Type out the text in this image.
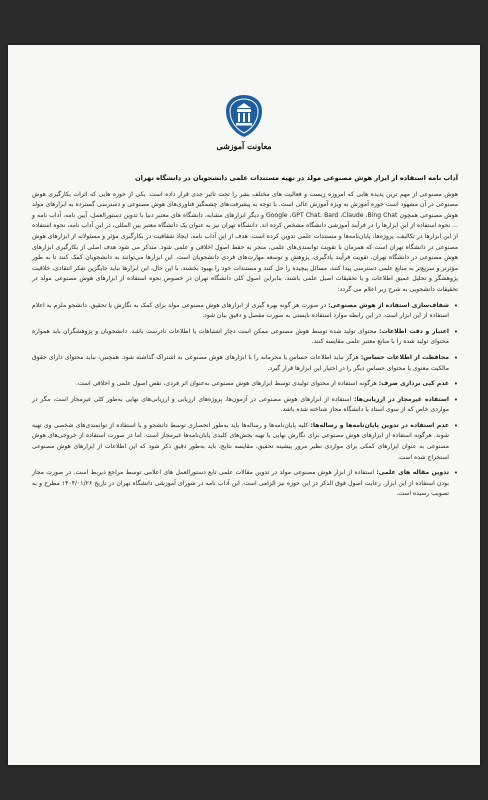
معاونت آموزشی
آداب نامه استفاده از ابزار هوش مصنوعی مولد در تهیه مستندات علمی دانشجویان در دانشگاه تهران

هوش مصنوعی از مهم ترین پدیده هایی که امروزه زیست و فعالیت های مختلف بشر را تحت تاثیر جدی قرار داده است. یکی از حوزه هایی که اثرات بکارگیری هوش مصنوعی در آن مشهود است حوزه آموزش به ویژه آموزش عالی است. با توجه به پیشرفت‌های چشمگیر فناوری‌های هوش مصنوعی و دسترسی گسترده به ابزارهای مولد هوش مصنوعی همچون Google ،GPT Chat، Bard ،Claude ،Bing Chat و دیگر ابزارهای مشابه، دانشگاه های معتبر دنیا با تدوین دستورالعمل، آیین نامه، آداب نامه و ... نحوه استفاده از این ابزارها را در فرآیند آموزشی دانشگاه مشخص کرده اند. دانشگاه تهران نیز به عنوان یک دانشگاه معتبر بین المللی، در این آداب نامه، نحوه استفاده از این ابزارها در تکالیف، پروژه‌ها، پایان‌نامه‌ها و مستندات علمی تدوین کرده است. هدف از این آداب نامه، ایجاد شفافیت در بکارگیری مؤثر و مسئولانه از ابزارهای هوش مصنوعی در دانشگاه تهران است که همزمان با تقویت توانمندی‌های علمی، منجر به حفظ اصول اخلاقی و علمی شود. متذکر می شود هدف اصلی از بکارگیری ابزارهای هوش مصنوعی در دانشگاه تهران، تقویت فرآیند یادگیری، پژوهش و توسعه مهارت‌های فردی دانشجویان است. این ابزارها می‌توانند به دانشجویان کمک کنند تا به طور مؤثرتر و سریع‌تر به منابع علمی دسترسی پیدا کنند، مسائل پیچیده را حل کنند و مستندات خود را بهبود بخشند. با این حال، این ابزارها نباید جایگزین تفکر انتقادی، خلاقیت پژوهشگر و تحلیل عمیق اطلاعات و یا تحقیقات اصیل علمی باشند. بنابراین اصول کلی دانشگاه تهران در خصوص نحوه استفاده از ابزارهای هوش مصنوعی مولد در تحقیقات دانشجویی به شرح زیر اعلام می گردد:

•
شفاف‌سازی استفاده از هوش مصنوعی: در صورت هر گونه بهره گیری از ابزارهای هوش مصنوعی مولد برای کمک به نگارش یا تحقیق، دانشجو ملزم به اعلام استفاده از این ابزار است. در این رابطه موارد استفاده بایستی به صورت مفصل و دقیق بیان شود.
•
اعتبار و دقت اطلاعات: محتوای تولید شده توسط هوش مصنوعی ممکن است دچار اشتباهات یا اطلاعات نادرست باشد. دانشجویان و پژوهشگران باید همواره محتوای تولید شده را با منابع معتبر علمی مقایسه کنند.
•
محافظت از اطلاعات حساس: هرگز نباید اطلاعات حساس یا محرمانه را با ابزارهای هوش مصنوعی به اشتراک گذاشته شود. همچنین، نباید محتوای دارای حقوق مالکیت معنوی یا محتوای حساس دیگر را در اختیار این ابزارها قرار گیرد.
•
عدم کپی برداری صرف: هرگونه استفاده از محتوای تولیدی توسط ابزارهای هوش مصنوعی به‌عنوان اثر فردی، نقض اصول علمی و اخلاقی است.
•
استفاده غیرمجاز در ارزیابی‌ها: استفاده از ابزارهای هوش مصنوعی در آزمون‌ها، پروژه‌های ارزیابی و ارزیابی‌های نهایی به‌طور کلی غیرمجاز است، مگر در مواردی خاص که از سوی استاد یا دانشگاه مجاز شناخته شده باشد.
•
عدم استفاده در تدوین پایان‌نامه‌ها و رساله‌ها: کلیه پایان‌نامه‌ها و رساله‌ها باید به‌طور انحصاری توسط دانشجو و با استفاده از توانمندی‌های شخصی وی تهیه شوند. هرگونه استفاده از ابزارهای هوش مصنوعی برای نگارش نهایی یا تهیه بخش‌های کلیدی پایان‌نامه‌ها غیرمجاز است. اما در صورت استفاده از خروجی‌های هوش مصنوعی به عنوان ابزارهای کمکی برای مواردی نظیر مرور پیشینه تحقیق، مقایسه نتایج، باید به‌طور دقیق ذکر شود که این اطلاعات از ابزارهای هوش مصنوعی استخراج شده است.
•
تدوین مقاله های علمی: استفاده از ابزار هوش مصنوعی مولد در تدوین مقالات علمی تابع دستورالعمل های اعلامی توسط مراجع ذیربط است. در صورت مجاز بودن استفاده از این ابزار، رعایت اصول فوق الذکر در این حوزه نیز الزامی است. این آداب نامه در شورای آموزشی دانشگاه تهران در تاریخ ۱۴۰۴/۰۱/۲۶ مطرح و به تصویب رسیده است.
